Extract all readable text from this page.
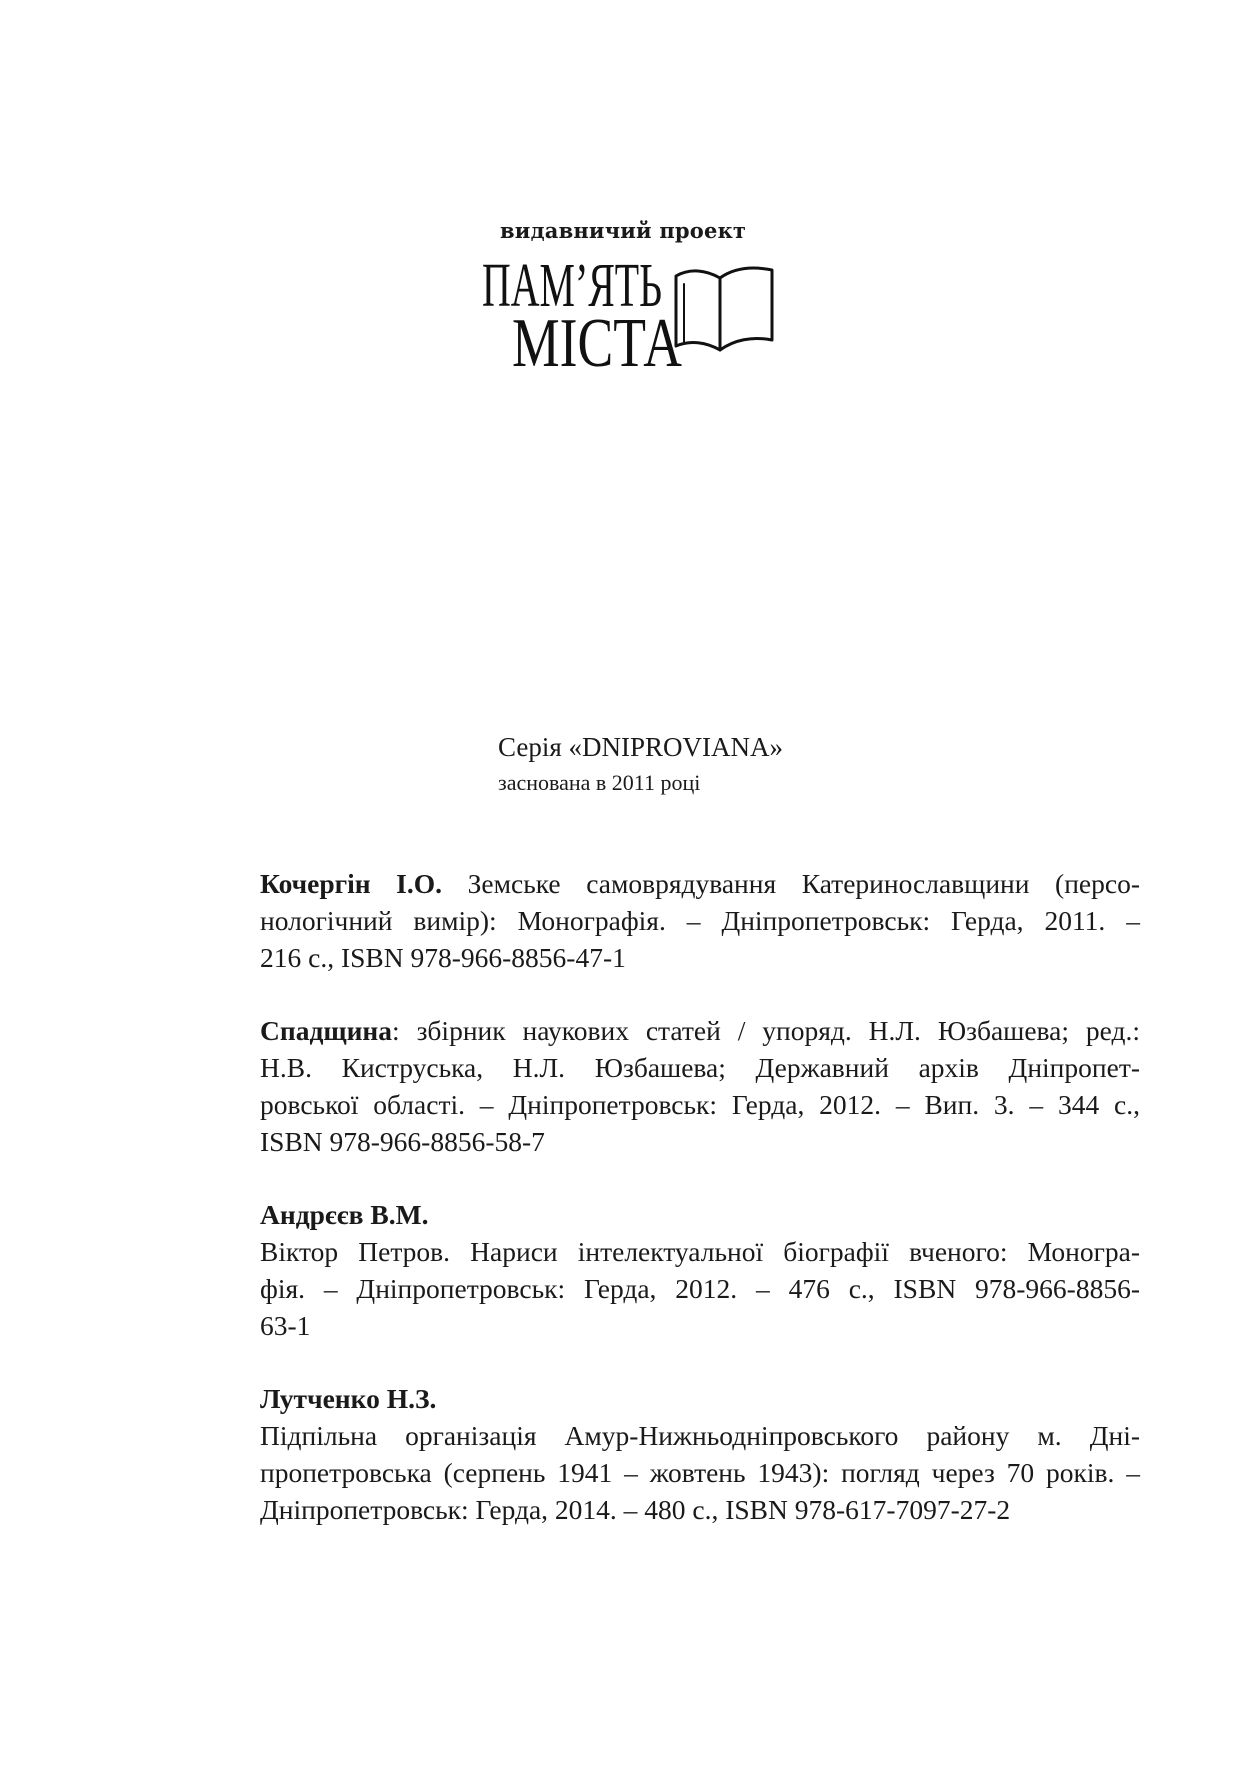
видавничий проект
ПАМ’ЯТЬ
МІСТА
Серія «DNIPROVIANA»
заснована в 2011 році
Кочергін І.О. Земське самоврядування Катеринославщини (персо-
нологічний вимір): Монографія. – Дніпропетровськ: Герда, 2011. –
216 с., ISBN 978-966-8856-47-1
Спадщина: збірник наукових статей / упоряд. Н.Л. Юзбашева; ред.:
Н.В. Киструська, Н.Л. Юзбашева; Державний архів Дніпропет-
ровської області. – Дніпропетровськ: Герда, 2012. – Вип. 3. – 344 с.,
ISBN 978-966-8856-58-7
Андрєєв В.М.
Віктор Петров. Нариси інтелектуальної біографії вченого: Моногра-
фія. – Дніпропетровськ: Герда, 2012. – 476 с., ISBN 978-966-8856-
63-1
Лутченко Н.З.
Підпільна організація Амур-Нижньодніпровського району м. Дні-
пропетровська (серпень 1941 – жовтень 1943): погляд через 70 років. –
Дніпропетровськ: Герда, 2014. – 480 с., ISBN 978-617-7097-27-2
